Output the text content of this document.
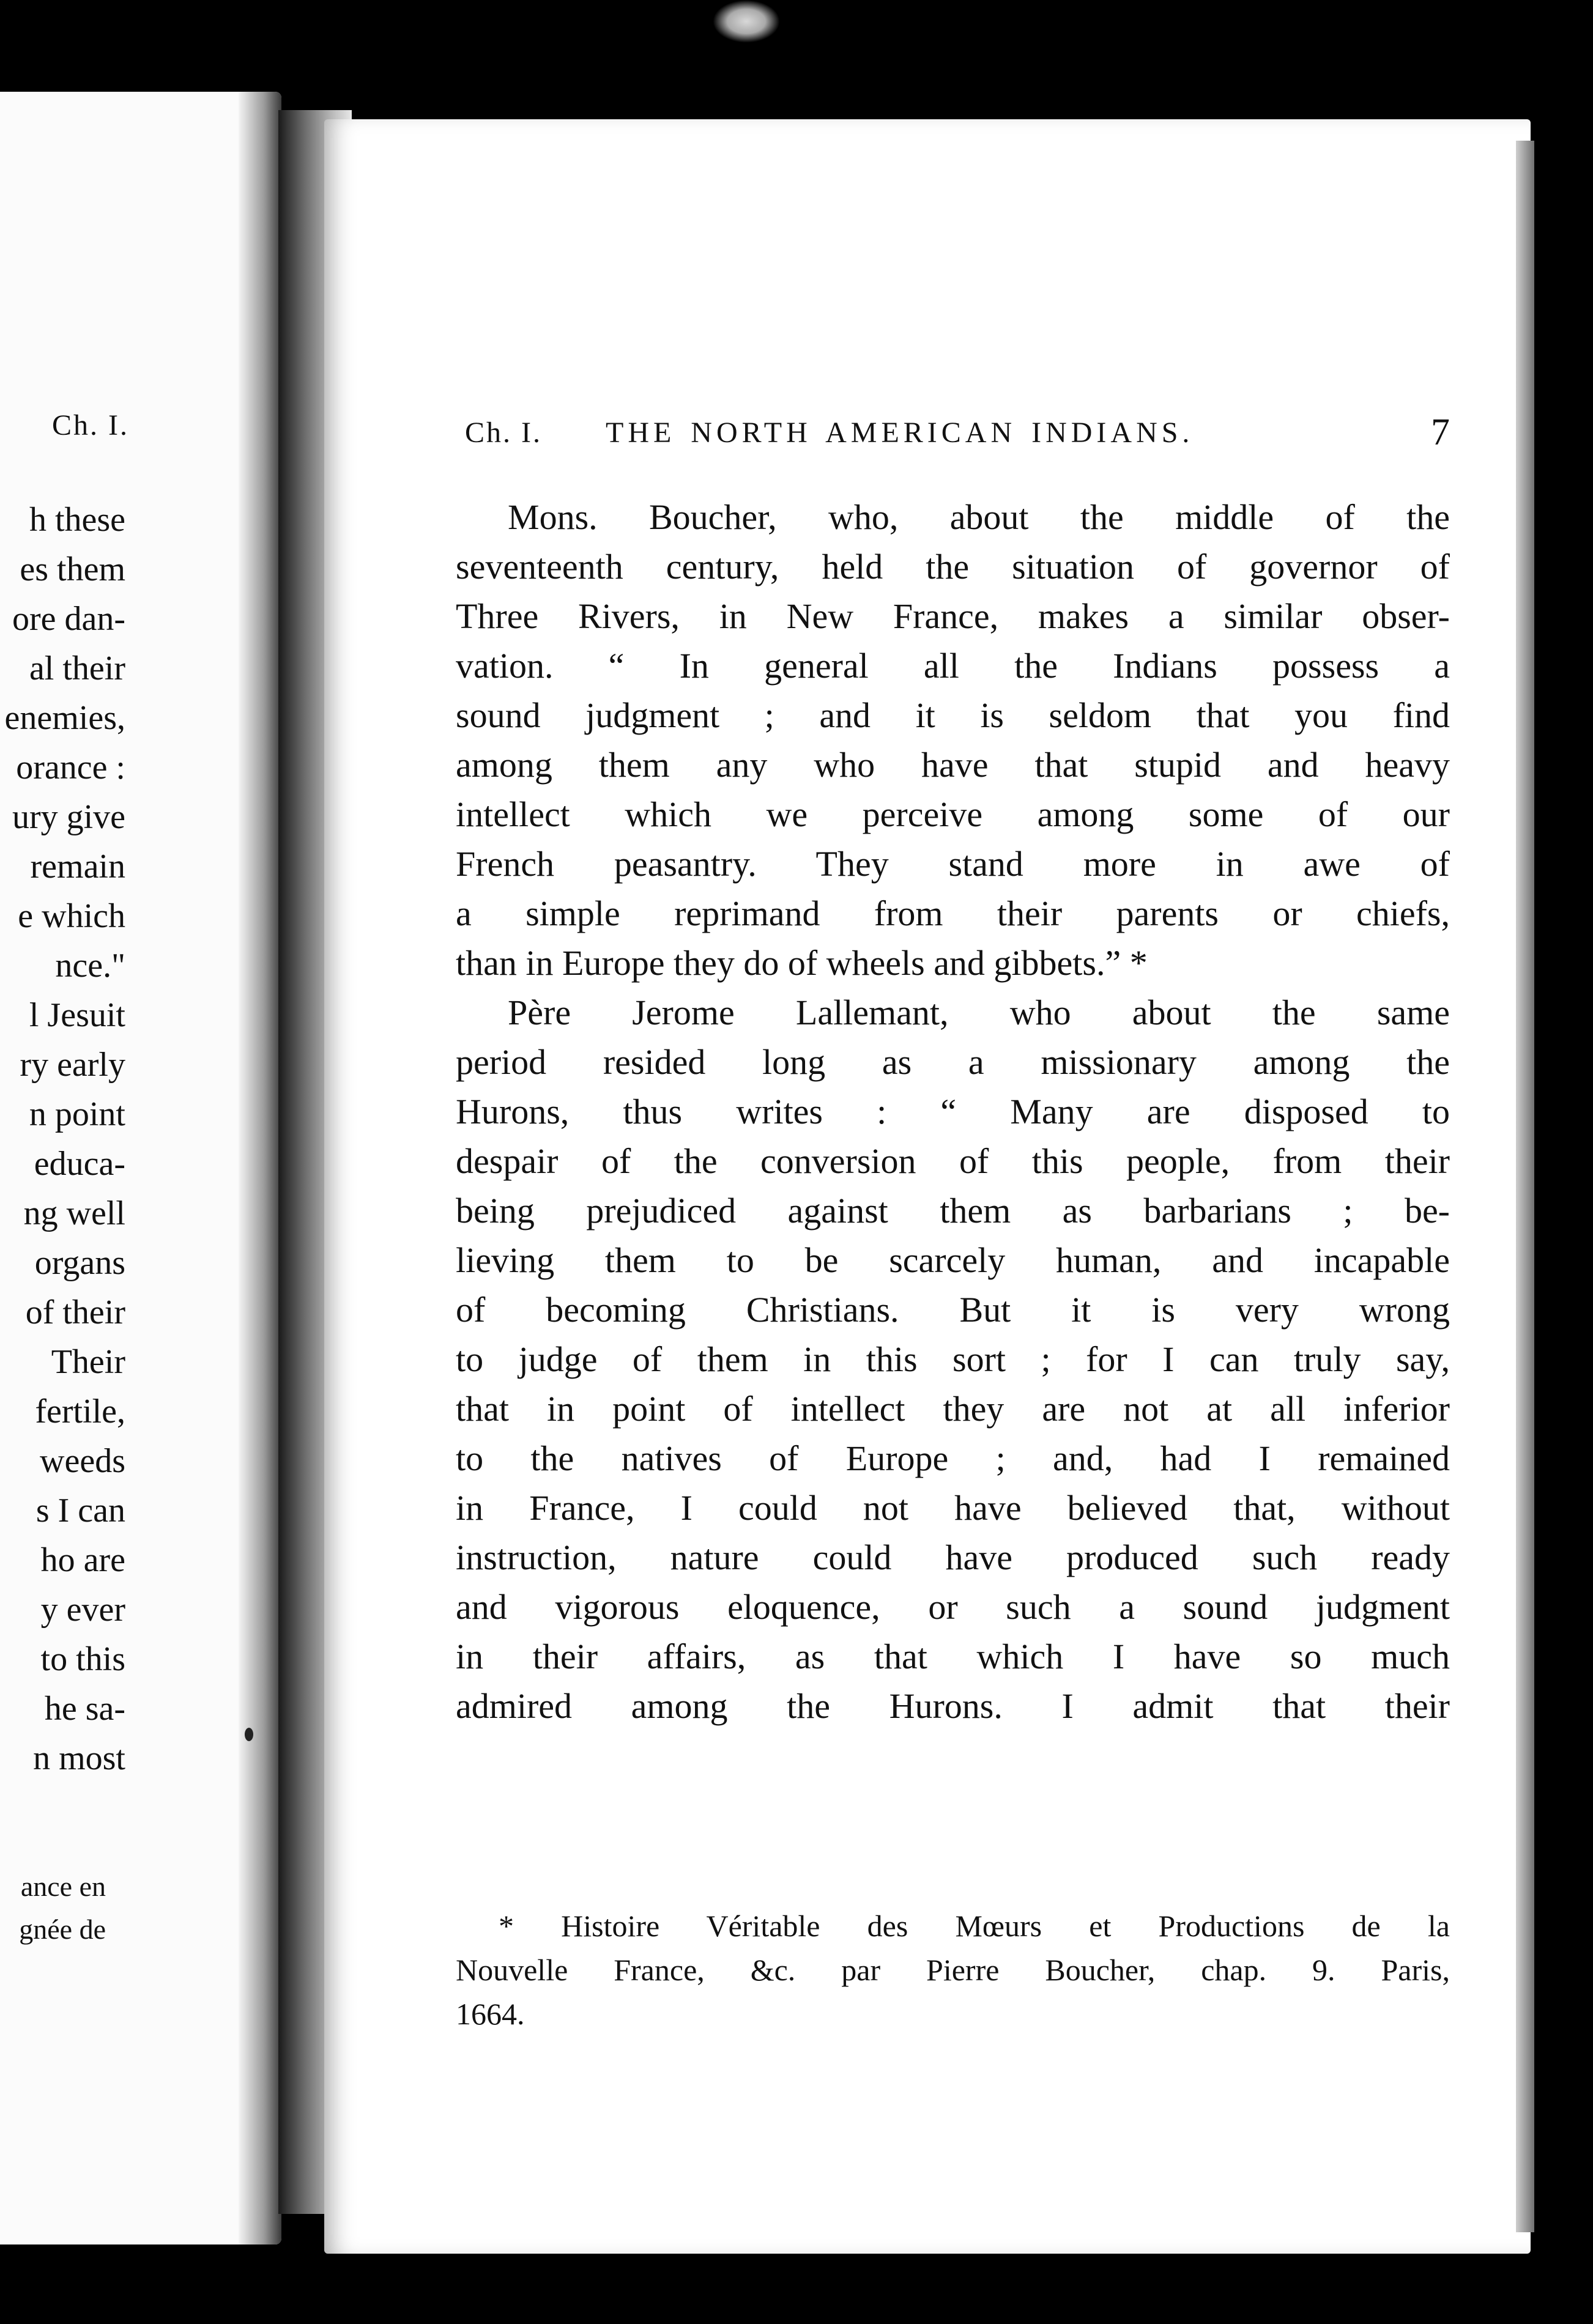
Ch. I.
h these
es them
ore dan-
al their
enemies,
orance :
ury give
remain
e which
nce."
l Jesuit
ry early
n point
educa-
ng well
organs
of their
Their
fertile,
weeds
s I can
ho are
y ever
to this
he sa-
n most
ance en
gnée de
Ch. I. THE NORTH AMERICAN INDIANS.	7
Mons. Boucher, who, about the middle of the
seventeenth century, held the situation of governor of
Three Rivers, in New France, makes a similar obser-
vation. “ In general all the Indians possess a
sound judgment ; and it is seldom that you find
among them any who have that stupid and heavy
intellect which we perceive among some of our
French peasantry. They stand more in awe of
a simple reprimand from their parents or chiefs,
than in Europe they do of wheels and gibbets.” *
Père Jerome Lallemant, who about the same
period resided long as a missionary among the
Hurons, thus writes : “ Many are disposed to
despair of the conversion of this people, from their
being prejudiced against them as barbarians ; be-
lieving them to be scarcely human, and incapable
of becoming Christians. But it is very wrong
to judge of them in this sort ; for I can truly say,
that in point of intellect they are not at all inferior
to the natives of Europe ; and, had I remained
in France, I could not have believed that, without
instruction, nature could have produced such ready
and vigorous eloquence, or such a sound judgment
in their affairs, as that which I have so much
admired among the Hurons. I admit that their
* Histoire Véritable des Mœurs et Productions de la
Nouvelle France, &c. par Pierre Boucher, chap. 9. Paris,
1664.
